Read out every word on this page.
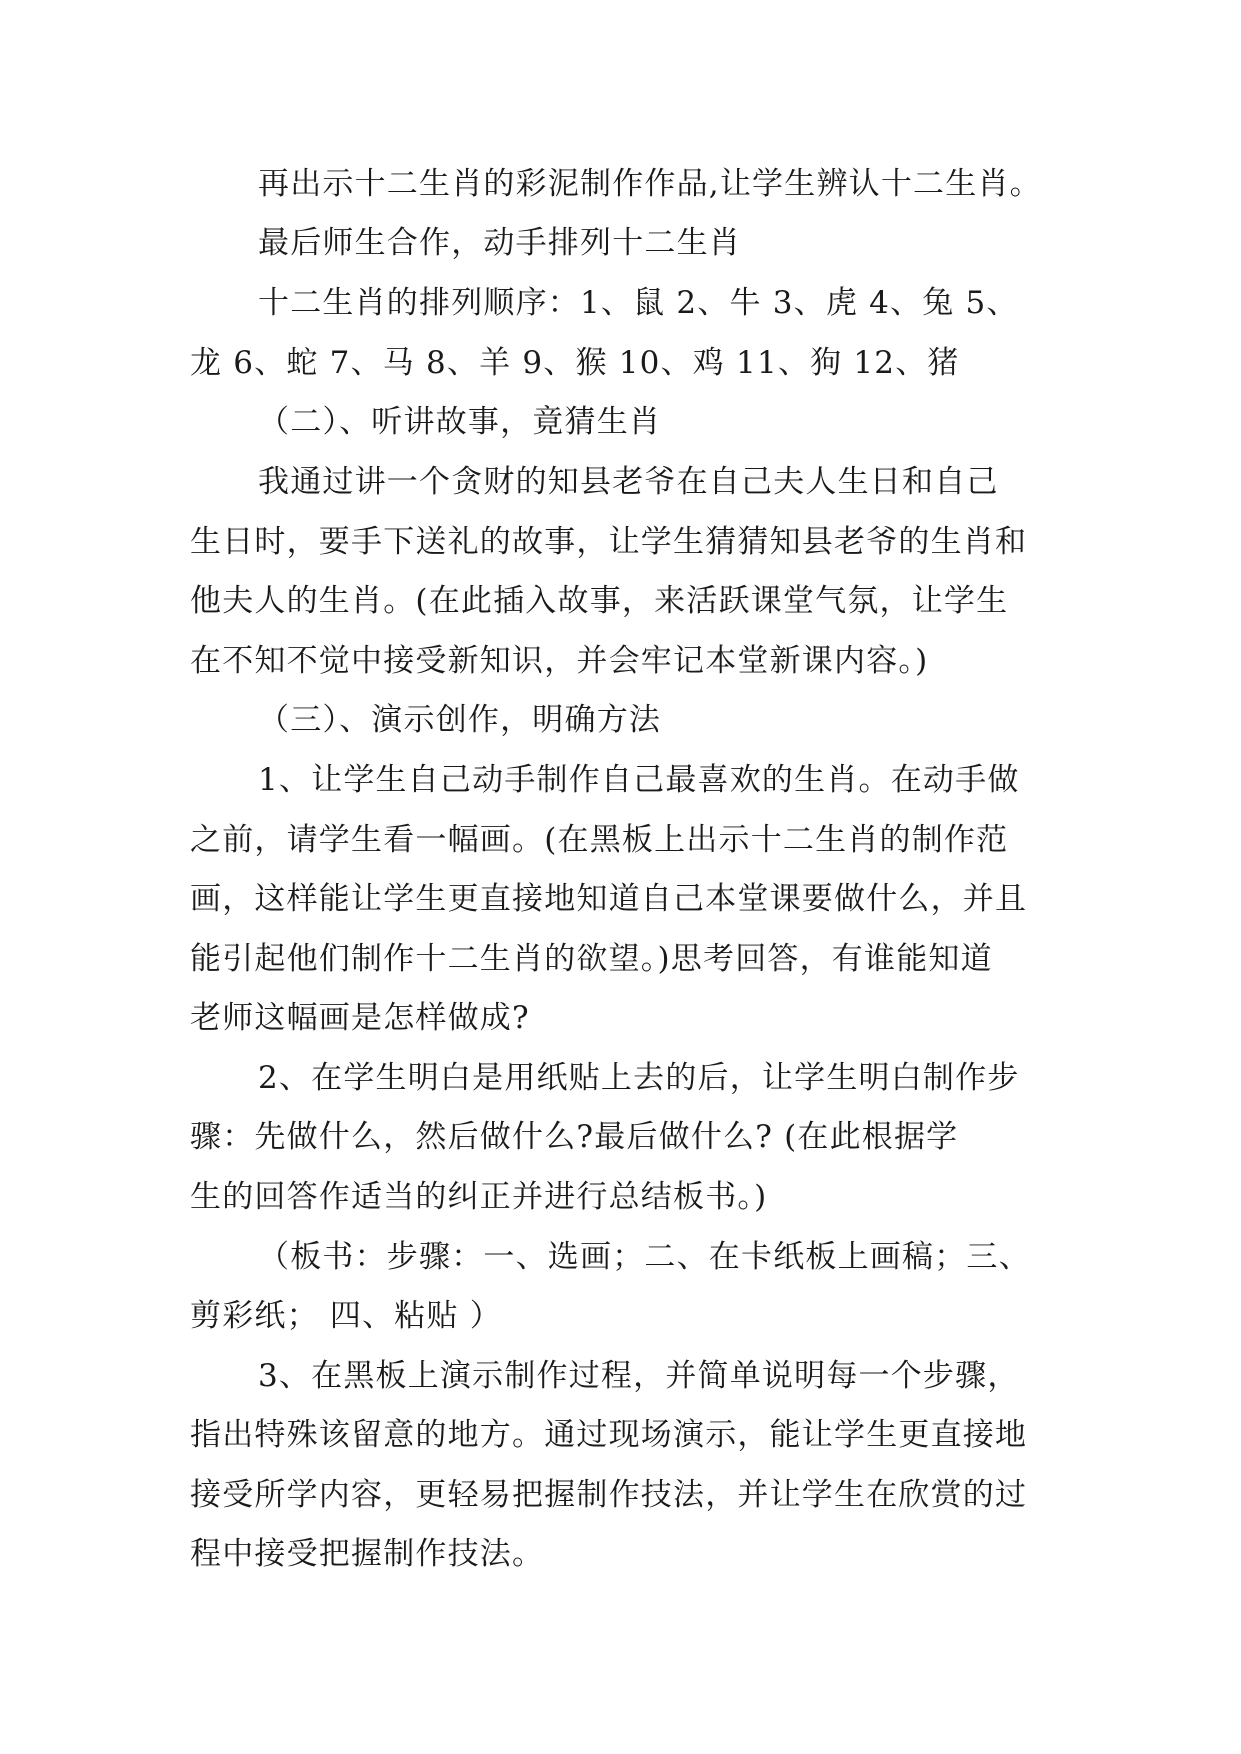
再出示十二生肖的彩泥制作作品,让学生辨认十二生肖。
最后师生合作，动手排列十二生肖
十二生肖的排列顺序：1、鼠 2、牛 3、虎 4、兔 5、
龙 6、蛇 7、马 8、羊 9、猴 10、鸡 11、狗 12、猪
（二）、听讲故事，竟猜生肖
我通过讲一个贪财的知县老爷在自己夫人生日和自己
生日时，要手下送礼的故事，让学生猜猜知县老爷的生肖和
他夫人的生肖。(在此插入故事，来活跃课堂气氛，让学生
在不知不觉中接受新知识，并会牢记本堂新课内容。)
（三）、演示创作，明确方法
1、让学生自己动手制作自己最喜欢的生肖。在动手做
之前，请学生看一幅画。(在黑板上出示十二生肖的制作范
画，这样能让学生更直接地知道自己本堂课要做什么，并且
能引起他们制作十二生肖的欲望。)思考回答，有谁能知道
老师这幅画是怎样做成?
2、在学生明白是用纸贴上去的后，让学生明白制作步
骤：先做什么，然后做什么?最后做什么? (在此根据学
生的回答作适当的纠正并进行总结板书。)
（板书：步骤：一、选画；二、在卡纸板上画稿；三、
剪彩纸； 四、粘贴 ）
3、在黑板上演示制作过程，并简单说明每一个步骤，
指出特殊该留意的地方。通过现场演示，能让学生更直接地
接受所学内容，更轻易把握制作技法，并让学生在欣赏的过
程中接受把握制作技法。
